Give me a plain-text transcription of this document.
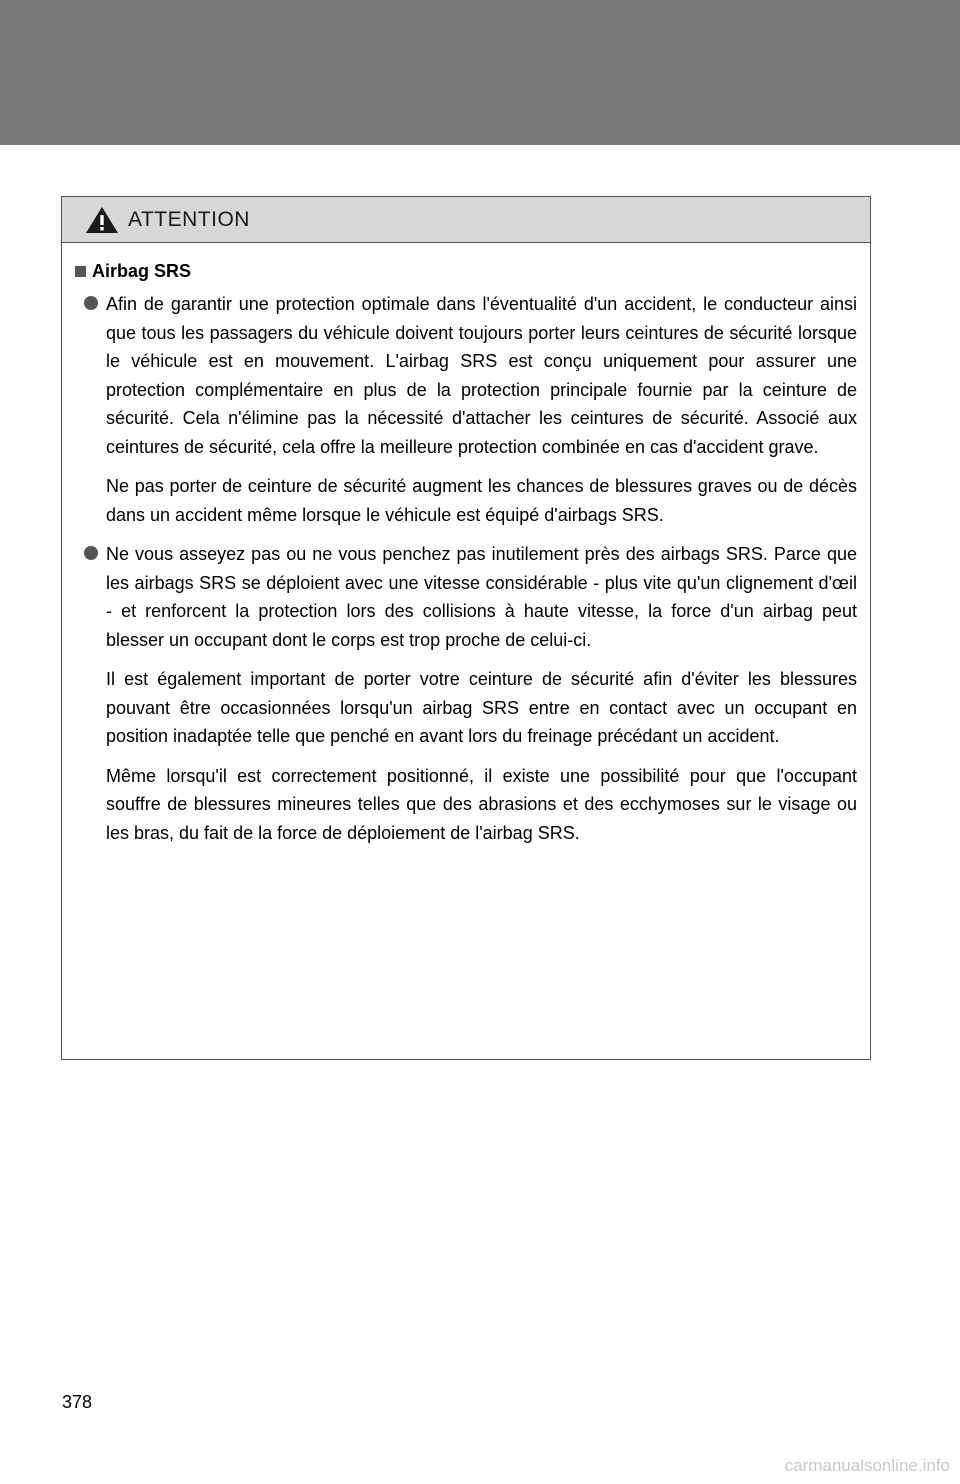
ATTENTION
Airbag SRS

Afin de garantir une protection optimale dans l'éventualité d'un accident, le conducteur ainsi que tous les passagers du véhicule doivent toujours porter leurs ceintures de sécurité lorsque le véhicule est en mouvement. L'airbag SRS est conçu uniquement pour assurer une protection complémentaire en plus de la protection principale fournie par la ceinture de sécurité. Cela n'élimine pas la nécessité d'attacher les ceintures de sécurité. Associé aux ceintures de sécurité, cela offre la meilleure protection combinée en cas d'accident grave.

Ne pas porter de ceinture de sécurité augment les chances de blessures graves ou de décès dans un accident même lorsque le véhicule est équipé d'airbags SRS.

Ne vous asseyez pas ou ne vous penchez pas inutilement près des airbags SRS. Parce que les airbags SRS se déploient avec une vitesse considérable - plus vite qu'un clignement d'œil - et renforcent la protection lors des collisions à haute vitesse, la force d'un airbag peut blesser un occupant dont le corps est trop proche de celui-ci.

Il est également important de porter votre ceinture de sécurité afin d'éviter les blessures pouvant être occasionnées lorsqu'un airbag SRS entre en contact avec un occupant en position inadaptée telle que penché en avant lors du freinage précédant un accident.

Même lorsqu'il est correctement positionné, il existe une possibilité pour que l'occupant souffre de blessures mineures telles que des abrasions et des ecchymoses sur le visage ou les bras, du fait de la force de déploiement de l'airbag SRS.

378
carmanualsonline.info
